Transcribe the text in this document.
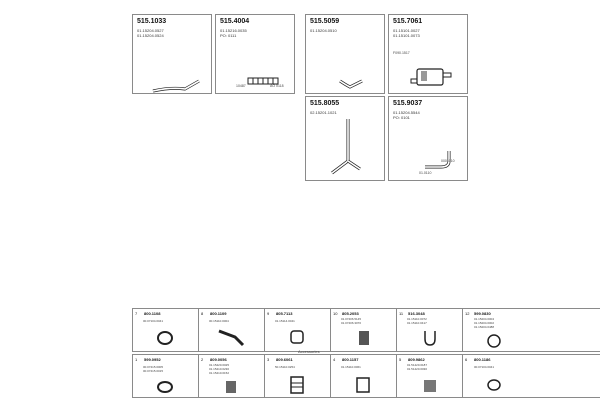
515.1033
01.15204.0527
01.15204.0524
515.4004
01.15216.0035
PO: 0111
10487	AO 0118
515.5059
01.15204.0510
515.7061
01.15101.0027
01.15101.0073
F090.1517
515.8055
02.15201.1021
515.9037
01.15204.5544
PO: 0101
0001010
01.0110
7 800.1108
00.07104.0041
8 800.1109
00.15110.0004
9 805.7113
01.15114.0041
10 805.2053
01.07406.5145
01.07406.3070
11 516.3048
01.15110.0072
01.15110.0417
12 599.0830
01.15204.0004
01.15204.0002
01.15204.0488
Accessories
1 599.0952
00.07415.0005
00.07415.0015
2 809.0056
01.15420.0025
01.15410.0230
01.15410.0152
3 809.6061
50.15110.0254
4 800.1157
01.15110.0061
5 809.9862
01.51420.0187
01.51420.0030
6 800.1186
00.07104.0041
